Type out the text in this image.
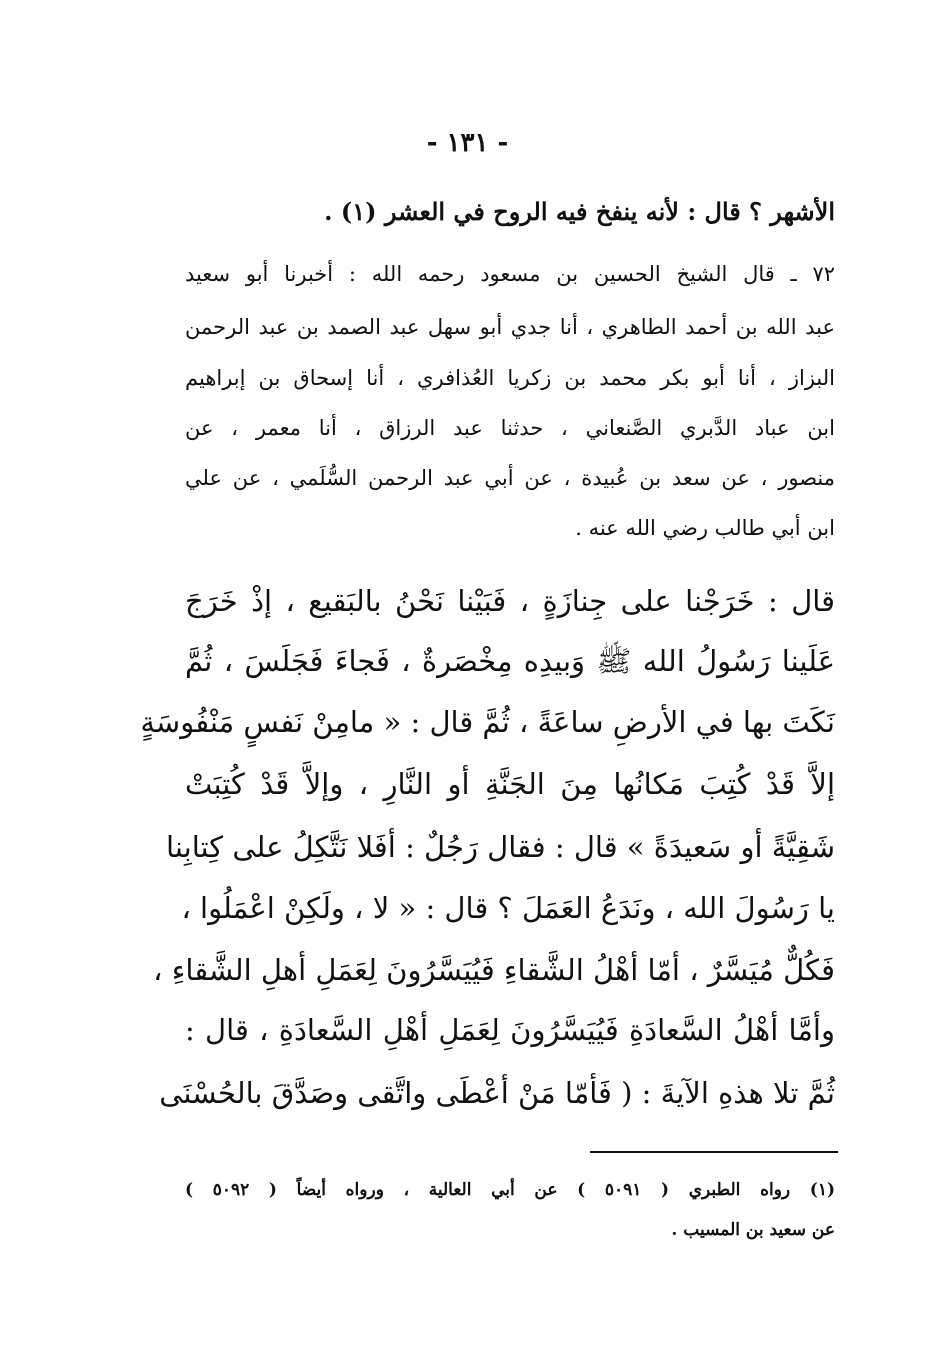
- ١٣١ -
الأشهر ؟ قال : لأنه ينفخ فيه الروح في العشر (١) .
٧٢ ـ قال الشيخ الحسين بن مسعود رحمه الله : أخبرنا أبو سعيد
عبد الله بن أحمد الطاهري ، أنا جدي أبو سهل عبد الصمد بن عبد الرحمن
البزاز ، أنا أبو بكر محمد بن زكريا العُذافري ، أنا إسحاق بن إبراهيم
ابن عباد الدَّبري الصَّنعاني ، حدثنا عبد الرزاق ، أنا معمر ، عن
منصور ، عن سعد بن عُبيدة ، عن أبي عبد الرحمن السُّلَمي ، عن علي
ابن أبي طالب رضي الله عنه .
قال : خَرَجْنا على جِنازَةٍ ، فَبَيْنا نَحْنُ بالبَقيع ، إذْ خَرَجَ
عَلَينا رَسُولُ الله ﷺ وَبيدِه مِخْصَرةٌ ، فَجاءَ فَجَلَسَ ، ثُمَّ
نَكَتَ بها في الأرضِ ساعَةً ، ثُمَّ قال : « مامِنْ نَفسٍ مَنْفُوسَةٍ
إلاَّ قَدْ كُتِبَ مَكانُها مِنَ الجَنَّةِ أو النَّارِ ، وإلاَّ قَدْ كُتِبَتْ
شَقِيَّةً أو سَعيدَةً » قال : فقال رَجُلٌ : أفَلا نَتَّكِلُ على كِتابِنا
يا رَسُولَ الله ، ونَدَعُ العَمَلَ ؟ قال : « لا ، ولَكِنْ اعْمَلُوا ،
فَكُلٌّ مُيَسَّرٌ ، أمّا أهْلُ الشَّقاءِ فَيُيَسَّرُونَ لِعَمَلِ أهلِ الشَّقاءِ ،
وأمَّا أهْلُ السَّعادَةِ فَيُيَسَّرُونَ لِعَمَلِ أهْلِ السَّعادَةِ ، قال :
ثُمَّ تلا هذهِ الآيةَ : ( فَأمّا مَنْ أعْطَى واتَّقى وصَدَّقَ بالحُسْنَى
(١) رواه الطبري ( ٥٠٩١ ) عن أبي العالية ، ورواه أيضاً ( ٥٠٩٢ )
عن سعيد بن المسيب .
